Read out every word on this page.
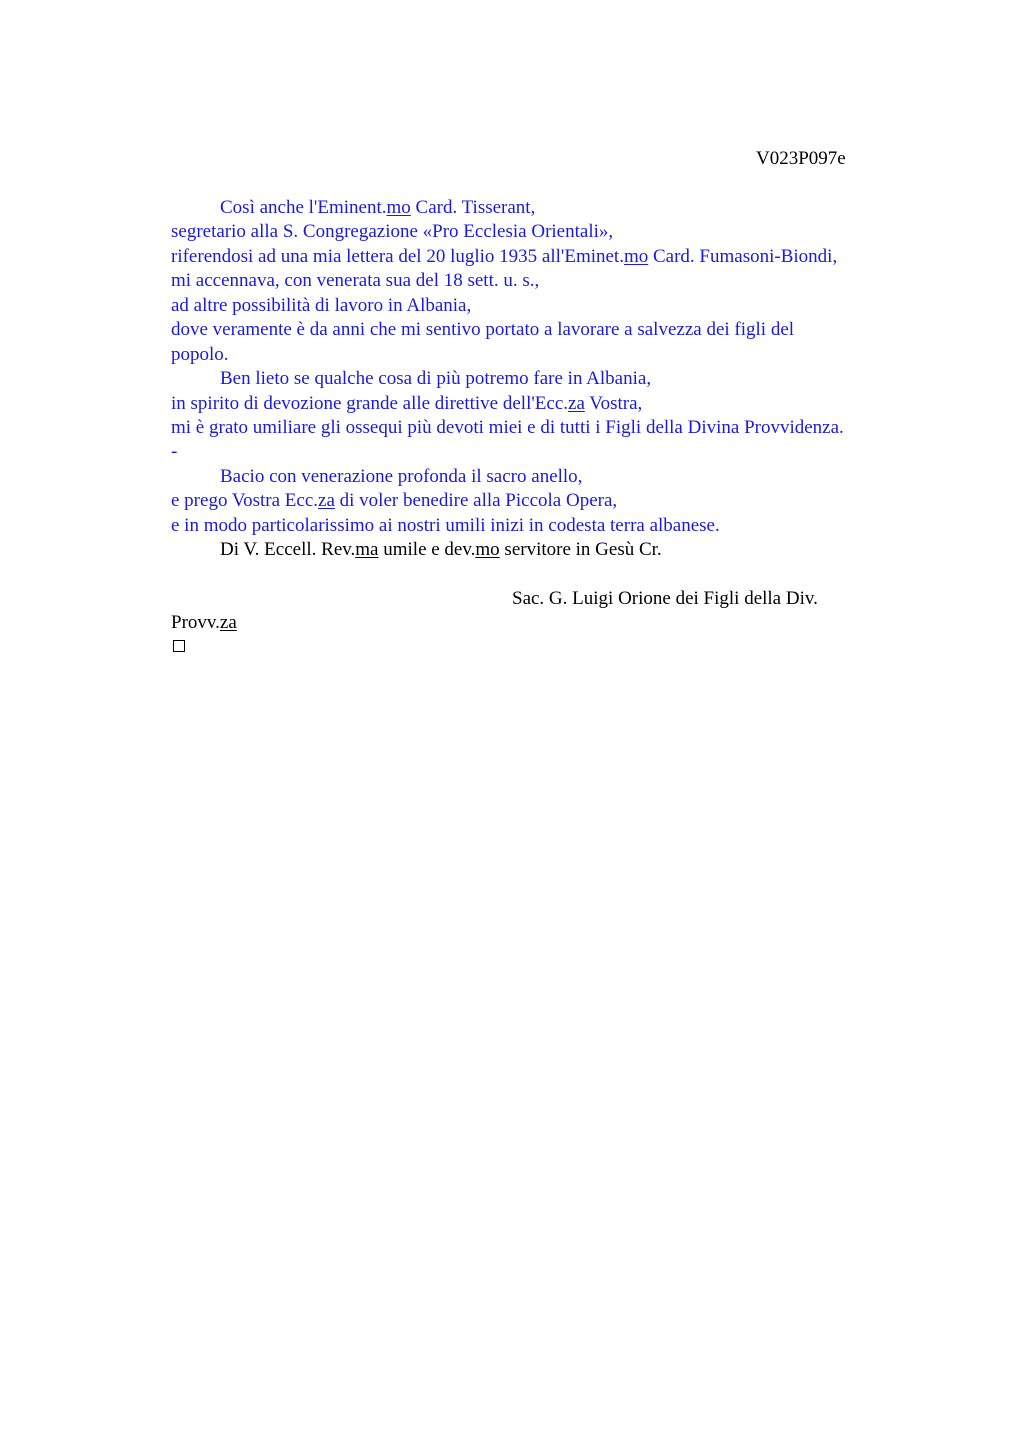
V023P097e
Così anche l'Eminent.mo Card. Tisserant,
segretario alla S. Congregazione «Pro Ecclesia Orientali»,
riferendosi ad una mia lettera del 20 luglio 1935 all'Eminet.mo Card. Fumasoni-Biondi,
mi accennava, con venerata sua del 18 sett. u. s.,
ad altre possibilità di lavoro in Albania,
dove veramente è da anni che mi sentivo portato a lavorare a salvezza dei figli del
popolo.
Ben lieto se qualche cosa di più potremo fare in Albania,
in spirito di devozione grande alle direttive dell'Ecc.za Vostra,
mi è grato umiliare gli ossequi più devoti miei e di tutti i Figli della Divina Provvidenza.
-
Bacio con venerazione profonda il sacro anello,
e prego Vostra Ecc.za di voler benedire alla Piccola Opera,
e in modo particolarissimo ai nostri umili inizi in codesta terra albanese.
Di V. Eccell. Rev.ma umile e dev.mo servitore in Gesù Cr.
Sac. G. Luigi Orione dei Figli della Div.
Provv.za
